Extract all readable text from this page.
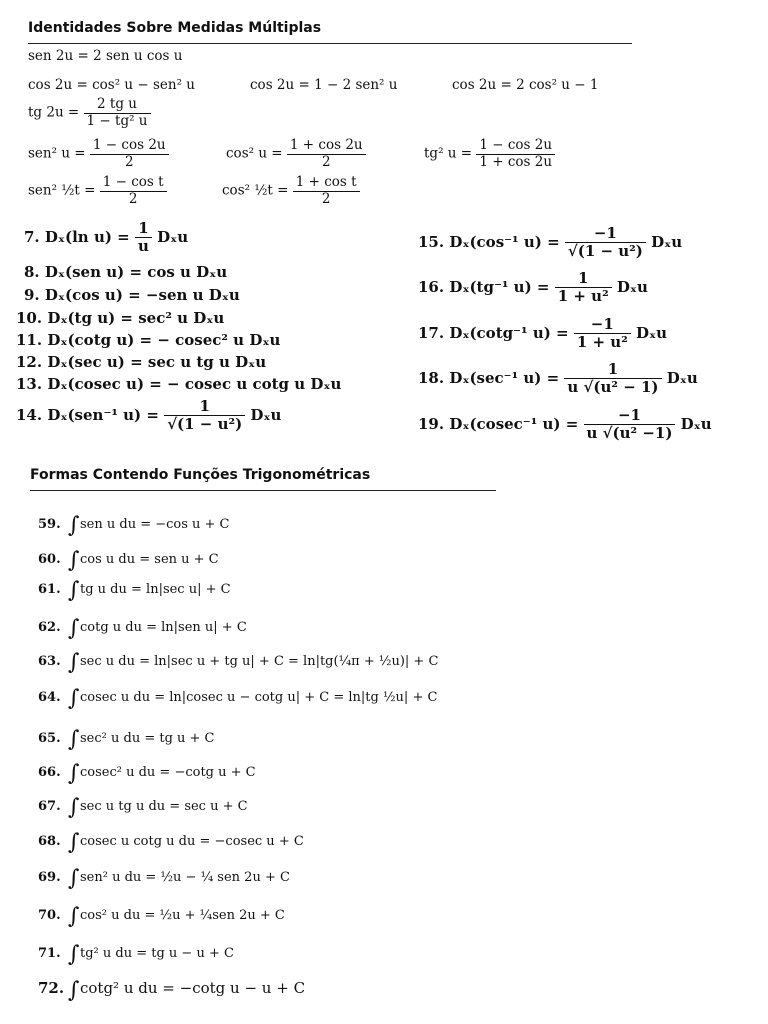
Identidades Sobre Medidas Múltiplas
sen 2u = 2 sen u cos u
cos 2u = cos² u − sen² u	cos 2u = 1 − 2 sen² u	cos 2u = 2 cos² u − 1
tg $2u = \frac{\text{2 tg u}}{\text{1 − tg² u}}$
sen² $u = \frac{1 - \cos 2u}{2}$	cos² $u = \frac{1 + \cos 2u}{2}$	tg² $u = \frac{1 - \cos 2u}{1 + \cos 2u}$
sen² ½t = $\frac{\text{1 − cos t}}{2}$	cos² ½t = $\frac{\text{1 + cos t}}{2}$
7. Dₓ(ln $u) = \frac{1}{u}$ Dₓu
8. Dₓ(sen u) = cos u Dₓu
9. Dₓ(cos u) = −sen u Dₓu
10. Dₓ(tg u) = sec² u Dₓu
11. Dₓ(cotg u) = − cosec² u Dₓu
12. Dₓ(sec u) = sec u tg u Dₓu
13. Dₓ(cosec u) = − cosec u cotg u Dₓu
14. Dₓ(sen⁻¹ $u) = \frac{1}{\text{√(1 − u²)}}$ Dₓu
15. Dₓ(cos⁻¹ $u) = \frac{-1}{\text{√(1 − u²)}}$ Dₓu
16. Dₓ(tg⁻¹ $u) = \frac{1}{\text{1 + u²}}$ Dₓu
17. Dₓ(cotg⁻¹ $u) = \frac{-1}{\text{1 + u²}}$ Dₓu
18. Dₓ(sec⁻¹ $u) = \frac{1}{\text{u √(u² − 1)}}$ Dₓu
19. Dₓ(cosec⁻¹ $u) = \frac{-1}{\text{u √(u² −1)}}$ Dₓu
Formas Contendo Funções Trigonométricas
59. ∫sen u du = −cos u + C
60. ∫cos u du = sen u + C
61. ∫tg u du = ln|sec u| + C
62. ∫cotg u du = ln|sen u| + C
63. ∫sec u du = ln|sec u + tg u| + C = ln|tg(¼π + ½u)| + C
64. ∫cosec u du = ln|cosec u − cotg u| + C = ln|tg ½u| + C
65. ∫sec² u du = tg u + C
66. ∫cosec² u du = −cotg u + C
67. ∫sec u tg u du = sec u + C
68. ∫cosec u cotg u du = −cosec u + C
69. ∫sen² u du = ½u − ¼ sen 2u + C
70. ∫cos² u du = ½u + ¼sen 2u + C
71. ∫tg² u du = tg u − u + C
72. ∫cotg² u du = −cotg u − u + C
